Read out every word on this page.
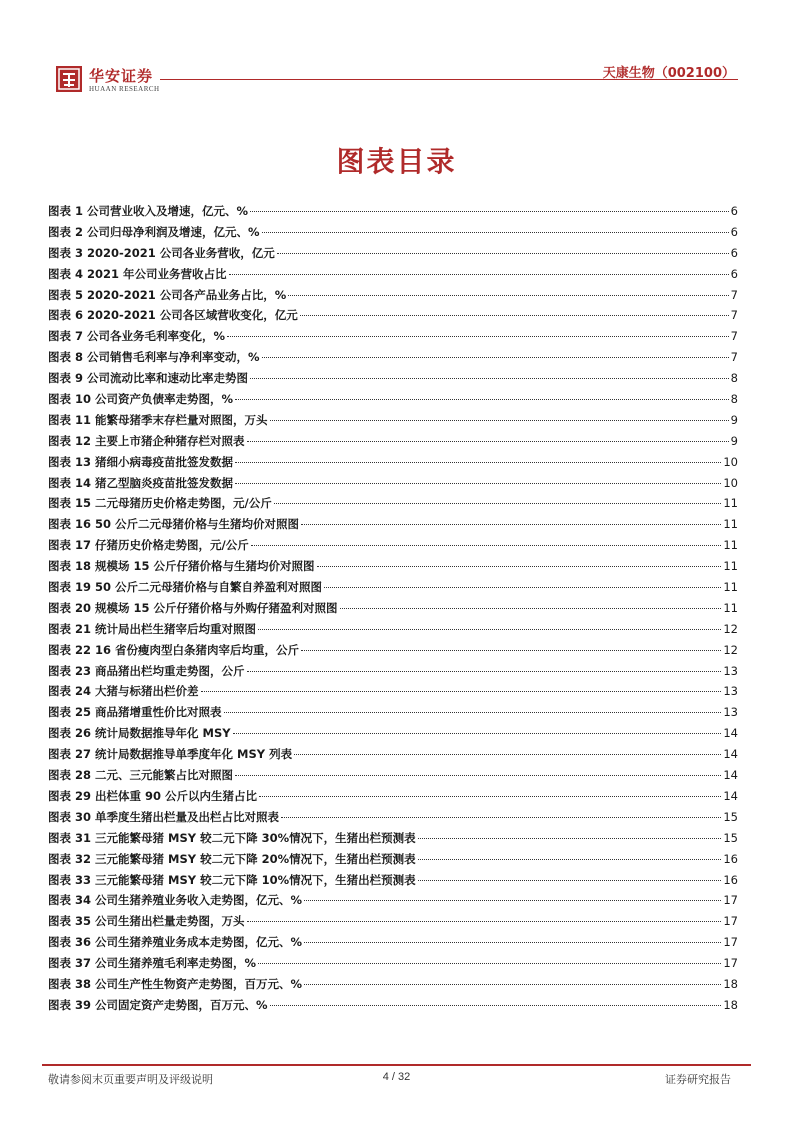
华安证券
HUAAN RESEARCH
天康生物（002100）
图表目录
图表 1 公司营业收入及增速，亿元、%	6
图表 2 公司归母净利润及增速，亿元、%	6
图表 3 2020-2021 公司各业务营收，亿元	6
图表 4 2021 年公司业务营收占比	6
图表 5 2020-2021 公司各产品业务占比，%	7
图表 6 2020-2021 公司各区域营收变化，亿元	7
图表 7 公司各业务毛利率变化，%	7
图表 8 公司销售毛利率与净利率变动，%	7
图表 9 公司流动比率和速动比率走势图	8
图表 10 公司资产负债率走势图，%	8
图表 11 能繁母猪季末存栏量对照图，万头	9
图表 12 主要上市猪企种猪存栏对照表	9
图表 13 猪细小病毒疫苗批签发数据	10
图表 14 猪乙型脑炎疫苗批签发数据	10
图表 15 二元母猪历史价格走势图，元/公斤	11
图表 16 50 公斤二元母猪价格与生猪均价对照图	11
图表 17 仔猪历史价格走势图，元/公斤	11
图表 18 规模场 15 公斤仔猪价格与生猪均价对照图	11
图表 19 50 公斤二元母猪价格与自繁自养盈利对照图	11
图表 20 规模场 15 公斤仔猪价格与外购仔猪盈利对照图	11
图表 21 统计局出栏生猪宰后均重对照图	12
图表 22 16 省份瘦肉型白条猪肉宰后均重，公斤	12
图表 23 商品猪出栏均重走势图，公斤	13
图表 24 大猪与标猪出栏价差	13
图表 25 商品猪增重性价比对照表	13
图表 26 统计局数据推导年化 MSY	14
图表 27 统计局数据推导单季度年化 MSY 列表	14
图表 28 二元、三元能繁占比对照图	14
图表 29 出栏体重 90 公斤以内生猪占比	14
图表 30 单季度生猪出栏量及出栏占比对照表	15
图表 31 三元能繁母猪 MSY 较二元下降 30%情况下，生猪出栏预测表	15
图表 32 三元能繁母猪 MSY 较二元下降 20%情况下，生猪出栏预测表	16
图表 33 三元能繁母猪 MSY 较二元下降 10%情况下，生猪出栏预测表	16
图表 34 公司生猪养殖业务收入走势图，亿元、%	17
图表 35 公司生猪出栏量走势图，万头	17
图表 36 公司生猪养殖业务成本走势图，亿元、%	17
图表 37 公司生猪养殖毛利率走势图，%	17
图表 38 公司生产性生物资产走势图，百万元、%	18
图表 39 公司固定资产走势图，百万元、%	18
敬请参阅末页重要声明及评级说明	4 / 32	证券研究报告
